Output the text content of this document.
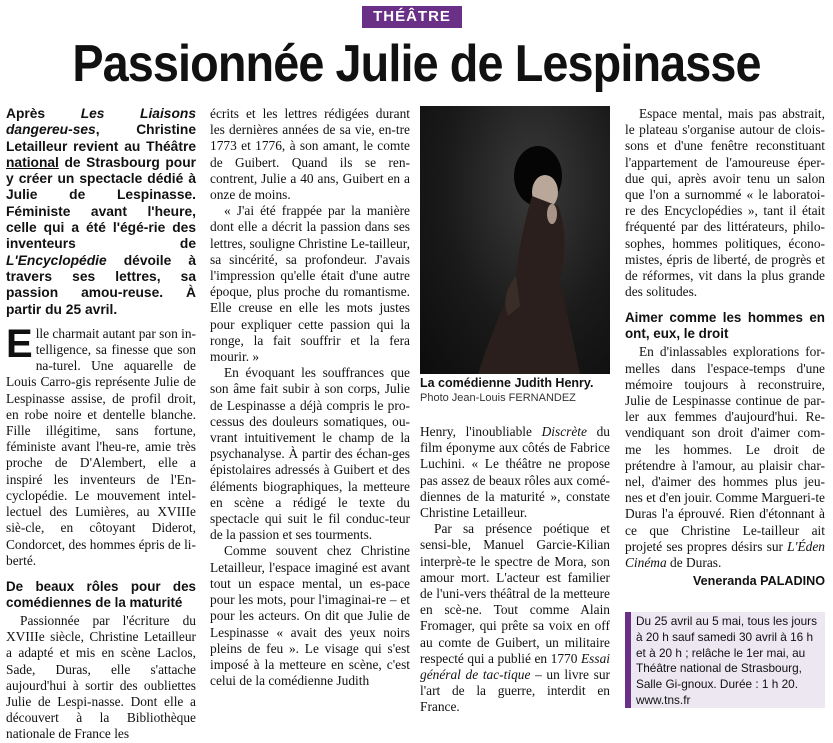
THÉÂTRE
Passionnée Julie de Lespinasse

Après Les Liaisons dangereu-ses, Christine Letailleur revient au Théâtre national de Strasbourg pour y créer un spectacle dédié à Julie de Lespinasse. Féministe avant l'heure, celle qui a été l'égé-rie des inventeurs de L'Encyclopédie dévoile à travers ses lettres, sa passion amou-reuse. À partir du 25 avril.

Elle charmait autant par son in-telligence, sa finesse que son na-turel. Une aquarelle de Louis Carro-gis représente Julie de Lespinasse assise, de profil droit, en robe noire et dentelle blanche. Fille illégitime, sans fortune, féministe avant l'heu-re, amie très proche de D'Alembert, elle a inspiré les inventeurs de l'En-cyclopédie. Le mouvement intel-lectuel des Lumières, au XVIIIe siè-cle, en côtoyant Diderot, Condorcet, des hommes épris de li-berté.

De beaux rôles pour des comédiennes de la maturité

Passionnée par l'écriture du XVIIIe siècle, Christine Letailleur a adapté et mis en scène Laclos, Sade, Duras, elle s'attache aujourd'hui à sortir des oubliettes Julie de Lespi-nasse. Dont elle a découvert à la Bibliothèque nationale de France les

écrits et les lettres rédigées durant les dernières années de sa vie, en-tre 1773 et 1776, à son amant, le comte de Guibert. Quand ils se ren-contrent, Julie a 40 ans, Guibert en a onze de moins.

« J'ai été frappée par la manière dont elle a décrit la passion dans ses lettres, souligne Christine Le-tailleur, sa sincérité, sa profondeur. J'avais l'impression qu'elle était d'une autre époque, plus proche du romantisme. Elle creuse en elle les mots justes pour expliquer cette passion qui la ronge, la fait souffrir et la fera mourir. »

En évoquant les souffrances que son âme fait subir à son corps, Julie de Lespinasse a déjà compris le pro-cessus des douleurs somatiques, ou-vrant intuitivement le champ de la psychanalyse. À partir des échan-ges épistolaires adressés à Guibert et des éléments biographiques, la metteure en scène a rédigé le texte du spectacle qui suit le fil conduc-teur de la passion et ses tourments.

Comme souvent chez Christine Letailleur, l'espace imaginé est avant tout un espace mental, un es-pace pour les mots, pour l'imaginai-re – et pour les acteurs. On dit que Julie de Lespinasse « avait des yeux noirs pleins de feu ». Le visage qui s'est imposé à la metteure en scène, c'est celui de la comédienne Judith

La comédienne Judith Henry.
Photo Jean-Louis FERNANDEZ

Henry, l'inoubliable Discrète du film éponyme aux côtés de Fabrice Luchini. « Le théâtre ne propose pas assez de beaux rôles aux comé-diennes de la maturité », constate Christine Letailleur.

Par sa présence poétique et sensi-ble, Manuel Garcie-Kilian interprè-te le spectre de Mora, son amour mort. L'acteur est familier de l'uni-vers théâtral de la metteure en scè-ne. Tout comme Alain Fromager, qui prête sa voix en off au comte de Guibert, un militaire respecté qui a publié en 1770 Essai général de tac-tique – un livre sur l'art de la guerre, interdit en France.

Espace mental, mais pas abstrait, le plateau s'organise autour de clois-sons et d'une fenêtre reconstituant l'appartement de l'amoureuse éper-due qui, après avoir tenu un salon que l'on a surnommé « le laboratoi-re des Encyclopédies », tant il était fréquenté par des littérateurs, philo-sophes, hommes politiques, écono-mistes, épris de liberté, de progrès et de réformes, vit dans la plus grande des solitudes.

Aimer comme les hommes en ont, eux, le droit

En d'inlassables explorations for-melles dans l'espace-temps d'une mémoire toujours à reconstruire, Julie de Lespinasse continue de par-ler aux femmes d'aujourd'hui. Re-vendiquant son droit d'aimer com-me les hommes. Le droit de prétendre à l'amour, au plaisir char-nel, d'aimer des hommes plus jeu-nes et d'en jouir. Comme Margueri-te Duras l'a éprouvé. Rien d'étonnant à ce que Christine Le-tailleur ait projeté ses propres désirs sur L'Éden Cinéma de Duras.

Veneranda PALADINO
Du 25 avril au 5 mai, tous les jours à 20 h sauf samedi 30 avril à 16 h et à 20 h ; relâche le 1er mai, au Théâtre national de Strasbourg, Salle Gi-gnoux. Durée : 1 h 20. www.tns.fr
